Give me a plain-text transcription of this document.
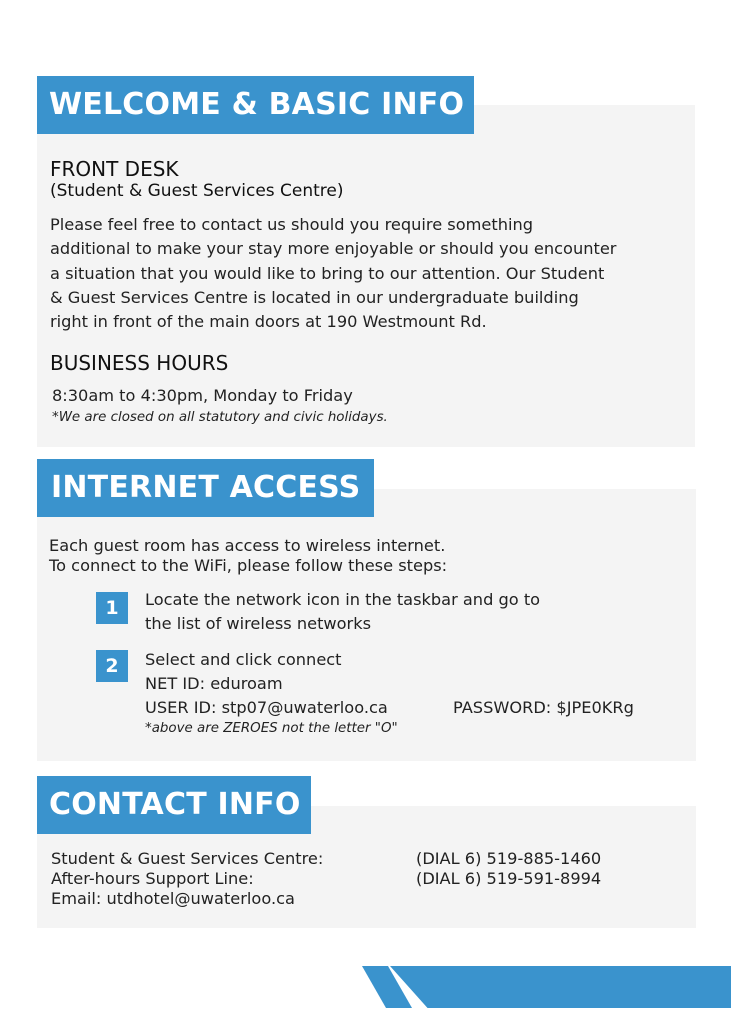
WELCOME & BASIC INFO
FRONT DESK
(Student & Guest Services Centre)
Please feel free to contact us should you require something
additional to make your stay more enjoyable or should you encounter
a situation that you would like to bring to our attention. Our Student
& Guest Services Centre is located in our undergraduate building
right in front of the main doors at 190 Westmount Rd.
BUSINESS HOURS
8:30am to 4:30pm, Monday to Friday
*We are closed on all statutory and civic holidays.
INTERNET ACCESS
Each guest room has access to wireless internet.
To connect to the WiFi, please follow these steps:
1	Locate the network icon in the taskbar and go to
the list of wireless networks
2	Select and click connect
NET ID: eduroam
USER ID: stp07@uwaterloo.ca	PASSWORD: $JPE0KRg
*above are ZEROES not the letter "O"
CONTACT INFO
Student & Guest Services Centre:	(DIAL 6) 519-885-1460
After-hours Support Line:	(DIAL 6) 519-591-8994
Email: utdhotel@uwaterloo.ca
